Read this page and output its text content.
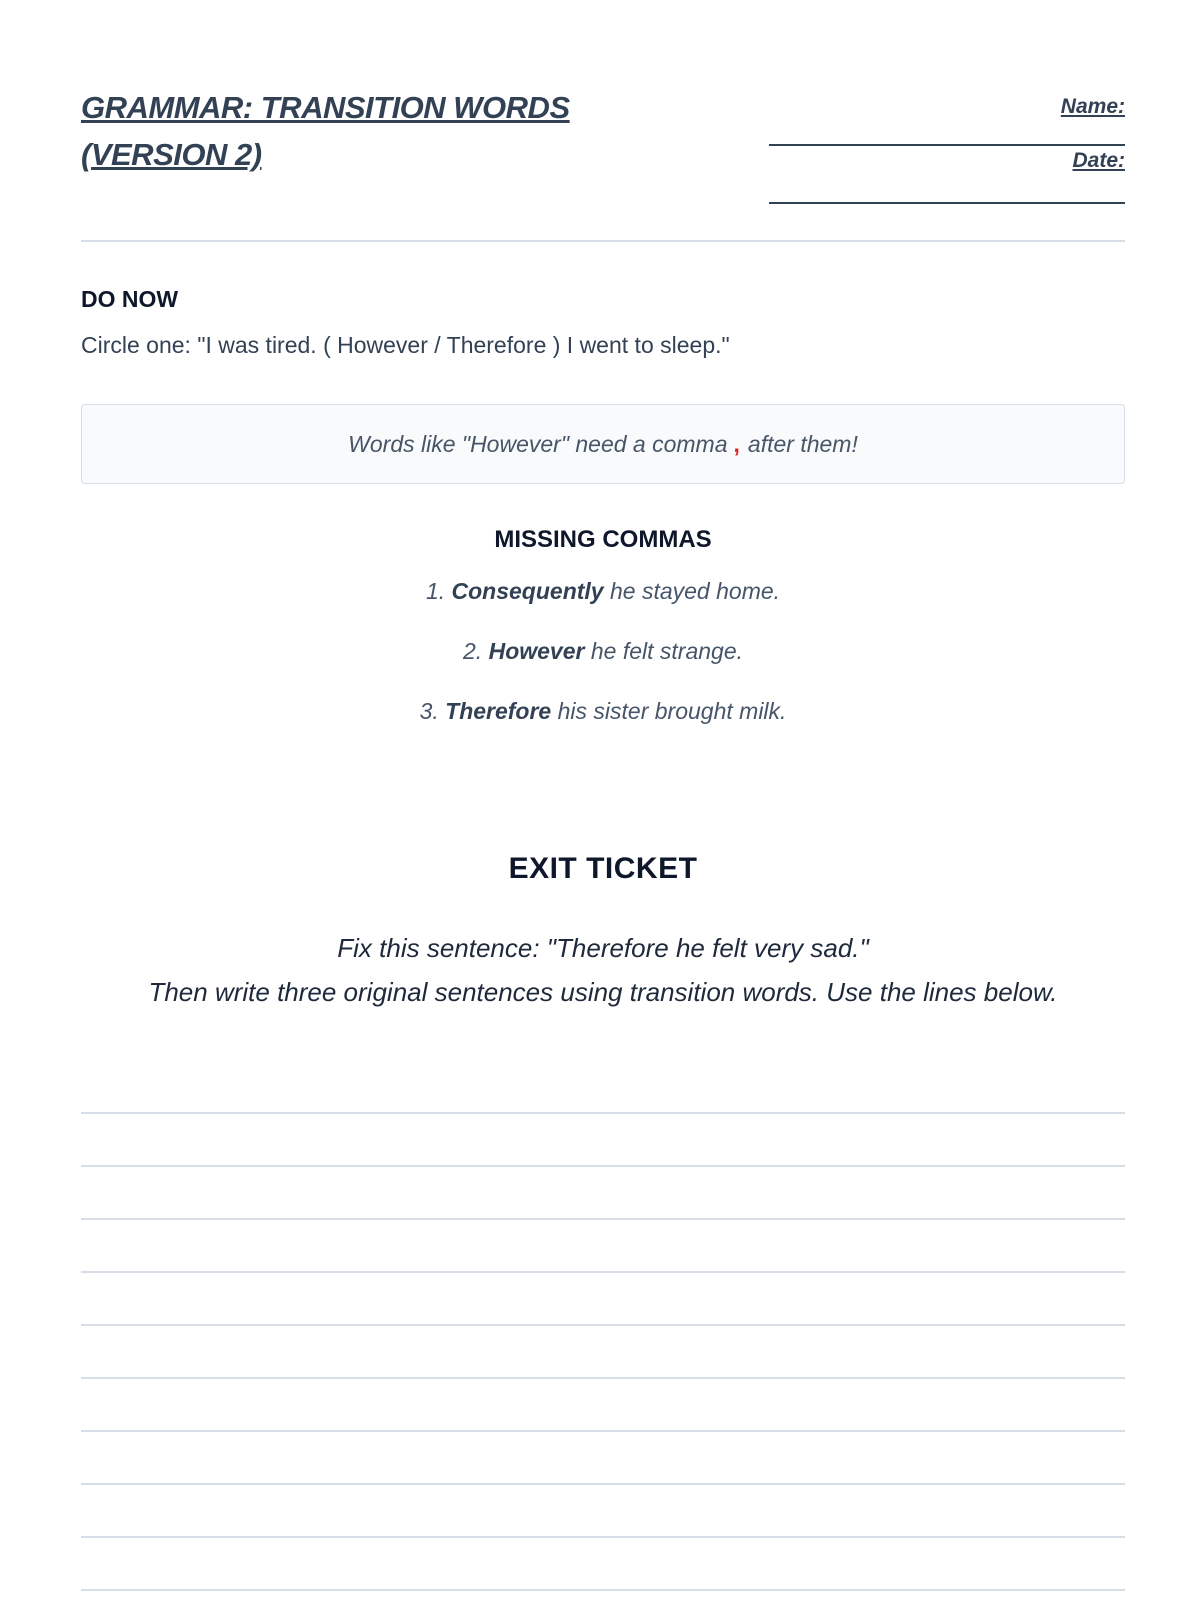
GRAMMAR: TRANSITION WORDS
(VERSION 2)
Name:
Date:
DO NOW
Circle one: "I was tired. ( However / Therefore ) I went to sleep."
Words like "However" need a comma , after them!
MISSING COMMAS
1. Consequently he stayed home.
2. However he felt strange.
3. Therefore his sister brought milk.
EXIT TICKET
Fix this sentence: "Therefore he felt very sad."
Then write three original sentences using transition words. Use the lines below.
